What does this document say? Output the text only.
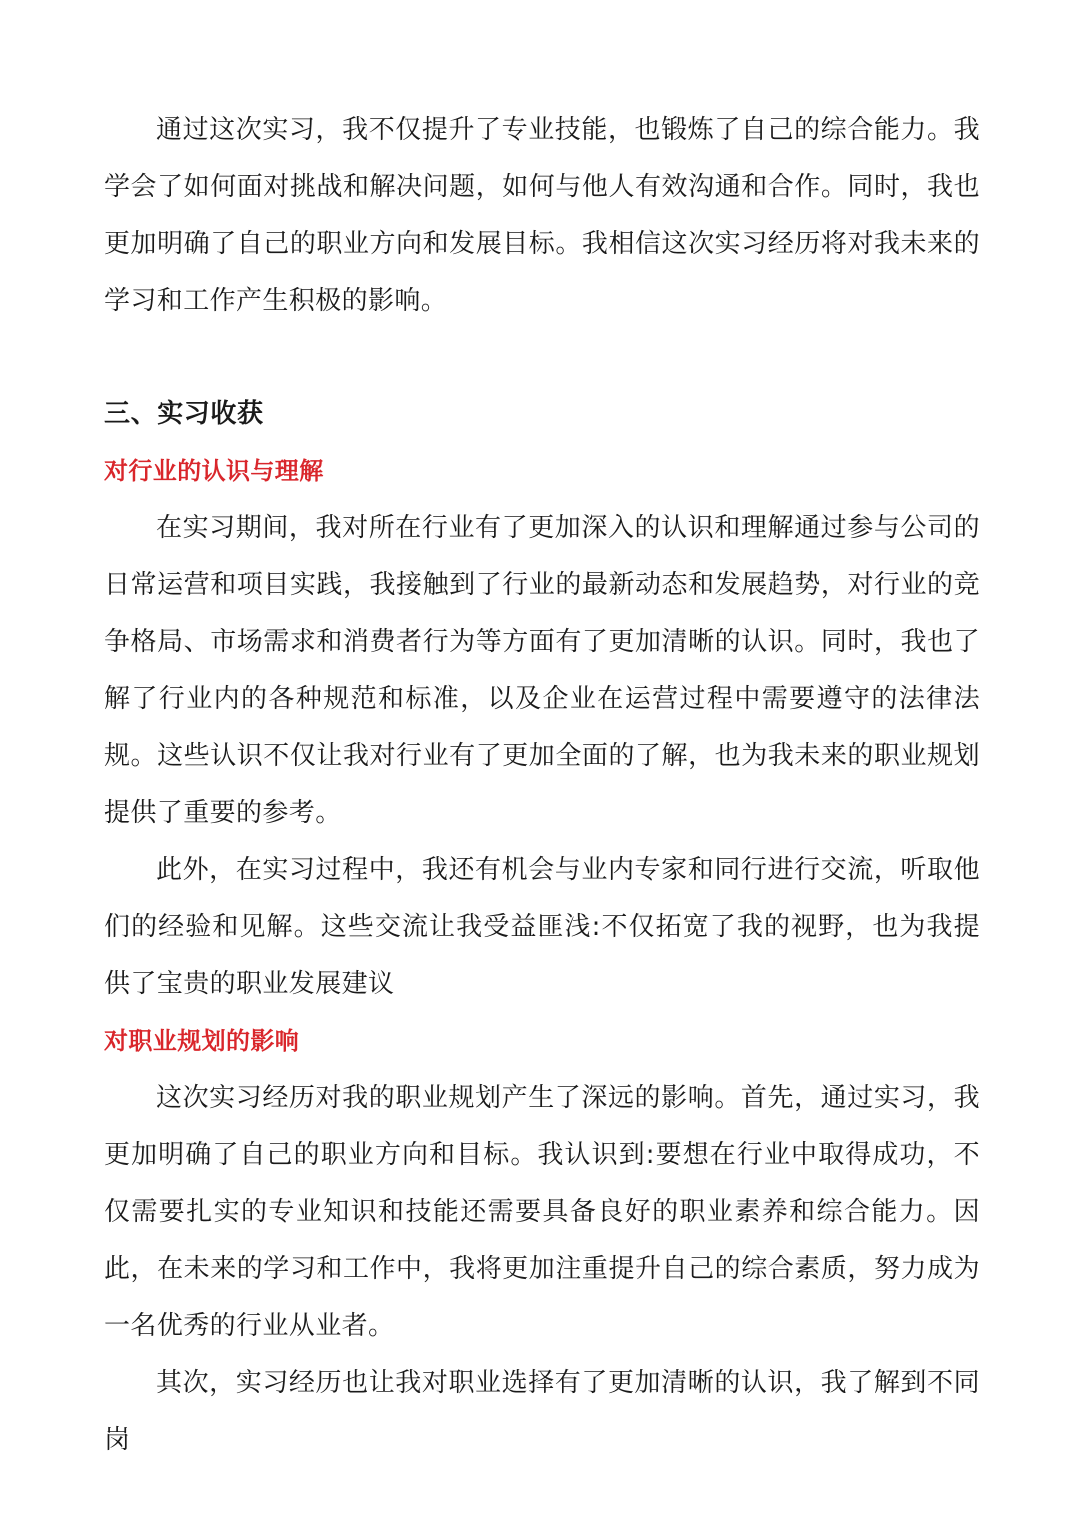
通过这次实习，我不仅提升了专业技能，也锻炼了自己的综合能力。我学会了如何面对挑战和解决问题，如何与他人有效沟通和合作。同时，我也更加明确了自己的职业方向和发展目标。我相信这次实习经历将对我未来的学习和工作产生积极的影响。

三、实习收获
对行业的认识与理解

在实习期间，我对所在行业有了更加深入的认识和理解通过参与公司的日常运营和项目实践，我接触到了行业的最新动态和发展趋势，对行业的竞争格局、市场需求和消费者行为等方面有了更加清晰的认识。同时，我也了解了行业内的各种规范和标准，以及企业在运营过程中需要遵守的法律法规。这些认识不仅让我对行业有了更加全面的了解，也为我未来的职业规划提供了重要的参考。

此外，在实习过程中，我还有机会与业内专家和同行进行交流，听取他们的经验和见解。这些交流让我受益匪浅:不仅拓宽了我的视野，也为我提供了宝贵的职业发展建议

对职业规划的影响

这次实习经历对我的职业规划产生了深远的影响。首先，通过实习，我更加明确了自己的职业方向和目标。我认识到:要想在行业中取得成功，不仅需要扎实的专业知识和技能还需要具备良好的职业素养和综合能力。因此，在未来的学习和工作中，我将更加注重提升自己的综合素质，努力成为一名优秀的行业从业者。

其次，实习经历也让我对职业选择有了更加清晰的认识，我了解到不同岗
